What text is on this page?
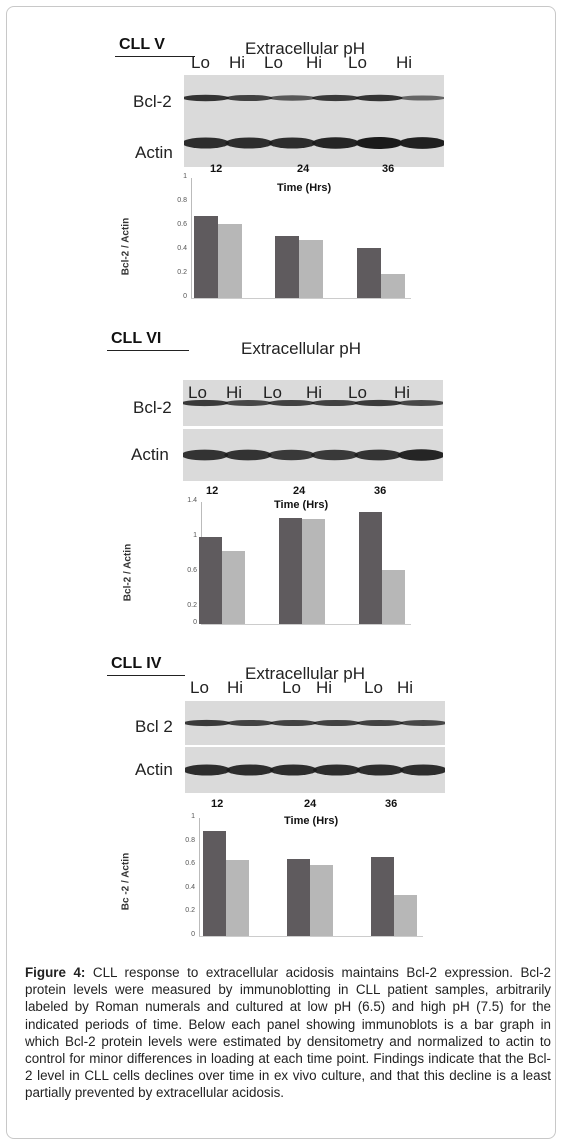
CLL V	Extracellular pH
Bcl-2
Actin
CLL VI
Extracellular pH
Bcl-2
Actin
CLL IV
Extracellular pH
Bcl 2
Actin
Figure 4: CLL response to extracellular acidosis maintains Bcl-2 expression. Bcl-2 protein levels were measured by immunoblotting in CLL patient samples, arbitrarily labeled by Roman numerals and cultured at low pH (6.5) and high pH (7.5) for the indicated periods of time. Below each panel showing immunoblots is a bar graph in which Bcl-2 protein levels were estimated by densitometry and normalized to actin to control for minor differences in loading at each time point. Findings indicate that the Bcl-2 level in CLL cells declines over time in ex vivo culture, and that this decline is a least partially prevented by extracellular acidosis.
Lo Hi Lo Hi Lo Hi
Lo Hi Lo Hi Lo Hi
Lo Hi Lo Hi Lo Hi
1
0.8
0.6
0.4
0.2
0
Bcl-2 / Actin
12	24	36
Time (Hrs)
1.4
1
0.6
0.2
0
Bcl-2 / Actin
12	24	36
Time (Hrs)
1
0.8
0.6
0.4
0.2
0
Bc -2 / Actin
12	24	36
Time (Hrs)
